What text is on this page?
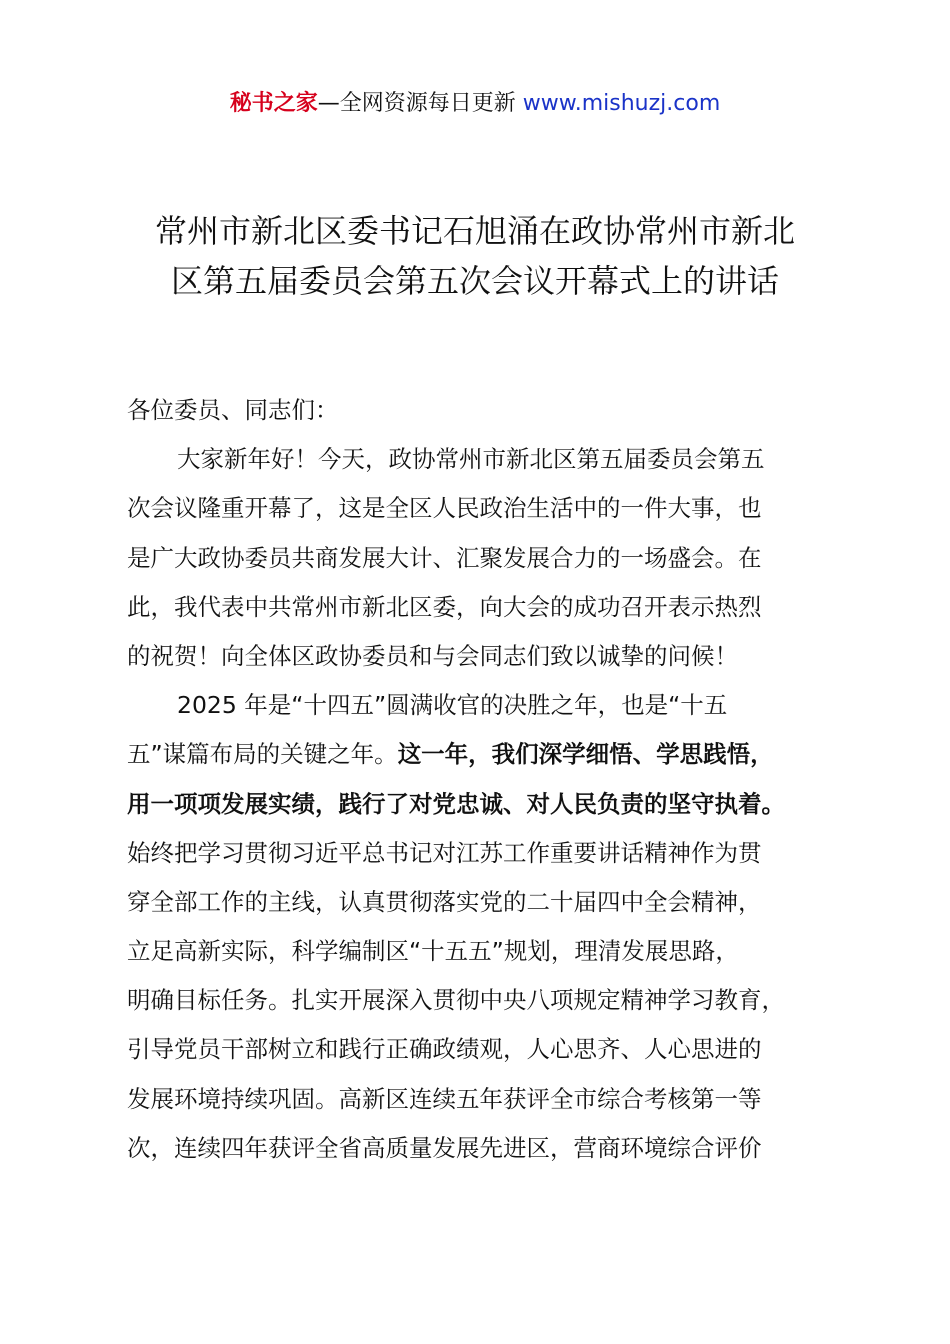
秘书之家—全网资源每日更新 www.mishuzj.com
常州市新北区委书记石旭涌在政协常州市新北
区第五届委员会第五次会议开幕式上的讲话
各位委员、同志们：
大家新年好！今天，政协常州市新北区第五届委员会第五
次会议隆重开幕了，这是全区人民政治生活中的一件大事，也
是广大政协委员共商发展大计、汇聚发展合力的一场盛会。在
此，我代表中共常州市新北区委，向大会的成功召开表示热烈
的祝贺！向全体区政协委员和与会同志们致以诚挚的问候！
2025 年是“十四五”圆满收官的决胜之年，也是“十五
五”谋篇布局的关键之年。这一年，我们深学细悟、学思践悟，
用一项项发展实绩，践行了对党忠诚、对人民负责的坚守执着。
始终把学习贯彻习近平总书记对江苏工作重要讲话精神作为贯
穿全部工作的主线，认真贯彻落实党的二十届四中全会精神，
立足高新实际，科学编制区“十五五”规划，理清发展思路，
明确目标任务。扎实开展深入贯彻中央八项规定精神学习教育，
引导党员干部树立和践行正确政绩观，人心思齐、人心思进的
发展环境持续巩固。高新区连续五年获评全市综合考核第一等
次，连续四年获评全省高质量发展先进区，营商环境综合评价
